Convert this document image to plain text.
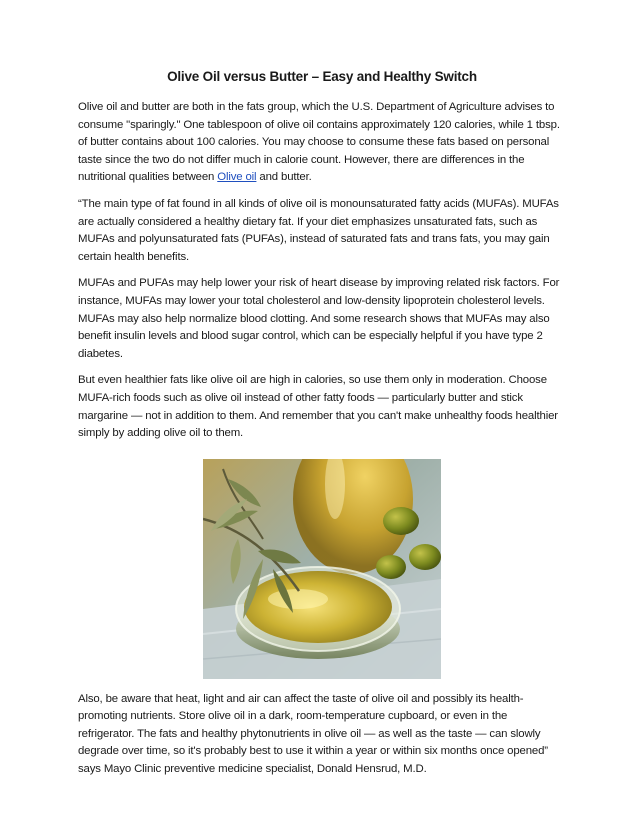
Olive Oil versus Butter – Easy and Healthy Switch

Olive oil and butter are both in the fats group, which the U.S. Department of Agriculture advises to consume "sparingly." One tablespoon of olive oil contains approximately 120 calories, while 1 tbsp. of butter contains about 100 calories. You may choose to consume these fats based on personal taste since the two do not differ much in calorie count. However, there are differences in the nutritional qualities between Olive oil and butter.

“The main type of fat found in all kinds of olive oil is monounsaturated fatty acids (MUFAs). MUFAs are actually considered a healthy dietary fat. If your diet emphasizes unsaturated fats, such as MUFAs and polyunsaturated fats (PUFAs), instead of saturated fats and trans fats, you may gain certain health benefits.

MUFAs and PUFAs may help lower your risk of heart disease by improving related risk factors. For instance, MUFAs may lower your total cholesterol and low-density lipoprotein cholesterol levels. MUFAs may also help normalize blood clotting. And some research shows that MUFAs may also benefit insulin levels and blood sugar control, which can be especially helpful if you have type 2 diabetes.

But even healthier fats like olive oil are high in calories, so use them only in moderation. Choose MUFA-rich foods such as olive oil instead of other fatty foods — particularly butter and stick margarine — not in addition to them. And remember that you can't make unhealthy foods healthier simply by adding olive oil to them.

Also, be aware that heat, light and air can affect the taste of olive oil and possibly its health-promoting nutrients. Store olive oil in a dark, room-temperature cupboard, or even in the refrigerator. The fats and healthy phytonutrients in olive oil — as well as the taste — can slowly degrade over time, so it's probably best to use it within a year or within six months once opened” says Mayo Clinic preventive medicine specialist, Donald Hensrud, M.D.
